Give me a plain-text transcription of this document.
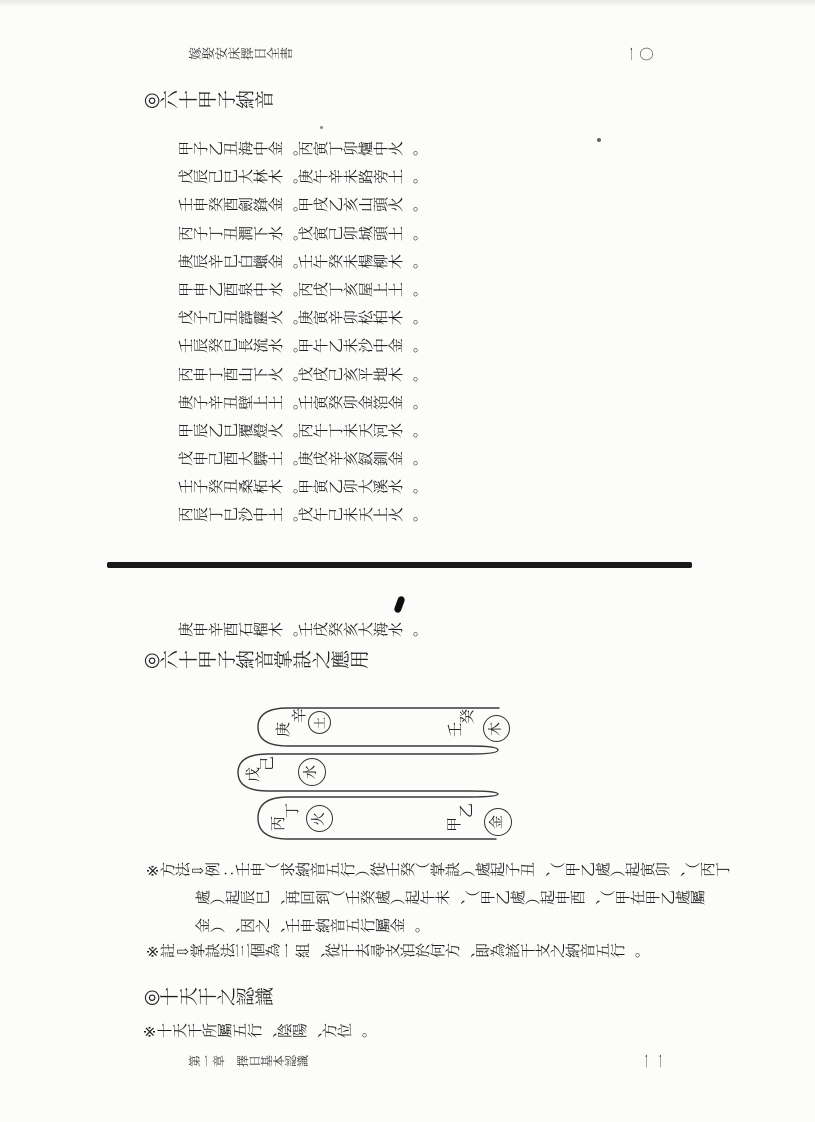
嫁娶安床擇日全書	一〇
◎六十甲子納音
甲子乙丑海中金。丙寅丁卯爐中火。
戊辰己巳大林木。庚午辛未路旁土。
壬申癸酉劍鋒金。甲戌乙亥山頭火。
丙子丁丑澗下水。戊寅己卯城頭土。
庚辰辛巳白蠟金。壬午癸未楊柳木。
甲申乙酉泉中水。丙戌丁亥屋上土。
戊子己丑霹靂火。庚寅辛卯松柏木。
壬辰癸巳長流水。甲午乙未沙中金。
丙申丁酉山下火。戊戌己亥平地木。
庚子辛丑壁上土。壬寅癸卯金箔金。
甲辰乙巳覆燈火。丙午丁未天河水。
戊申己酉大驛土。庚戌辛亥釵釧金。
壬子癸丑桑柘木。甲寅乙卯大溪水。
丙辰丁巳沙中土。戊午己未天上火。
庚申辛酉石榴木。壬戌癸亥大海水。
◎六十甲子納音掌訣之應用
庚
辛 土	壬
癸
木
戊
己
水
丙
丁
火	甲
乙
金
※方法⇩例：壬申（求納音五行）從壬癸（掌訣）處起子丑、（甲乙處）起寅卯、（丙丁
處）起辰巳、再回到（壬癸處）起午未、（甲乙處）起申酉、（甲在甲乙處屬
金）、因之、壬申納音五行屬金。
※註⇩掌訣法三個為一組、從干去尋支泊於何方、即為該干支之納音五行。
◎十天干之認識
※十天干所屬五行、陰陽、方位。
第一章　 擇日基本認識	一一
